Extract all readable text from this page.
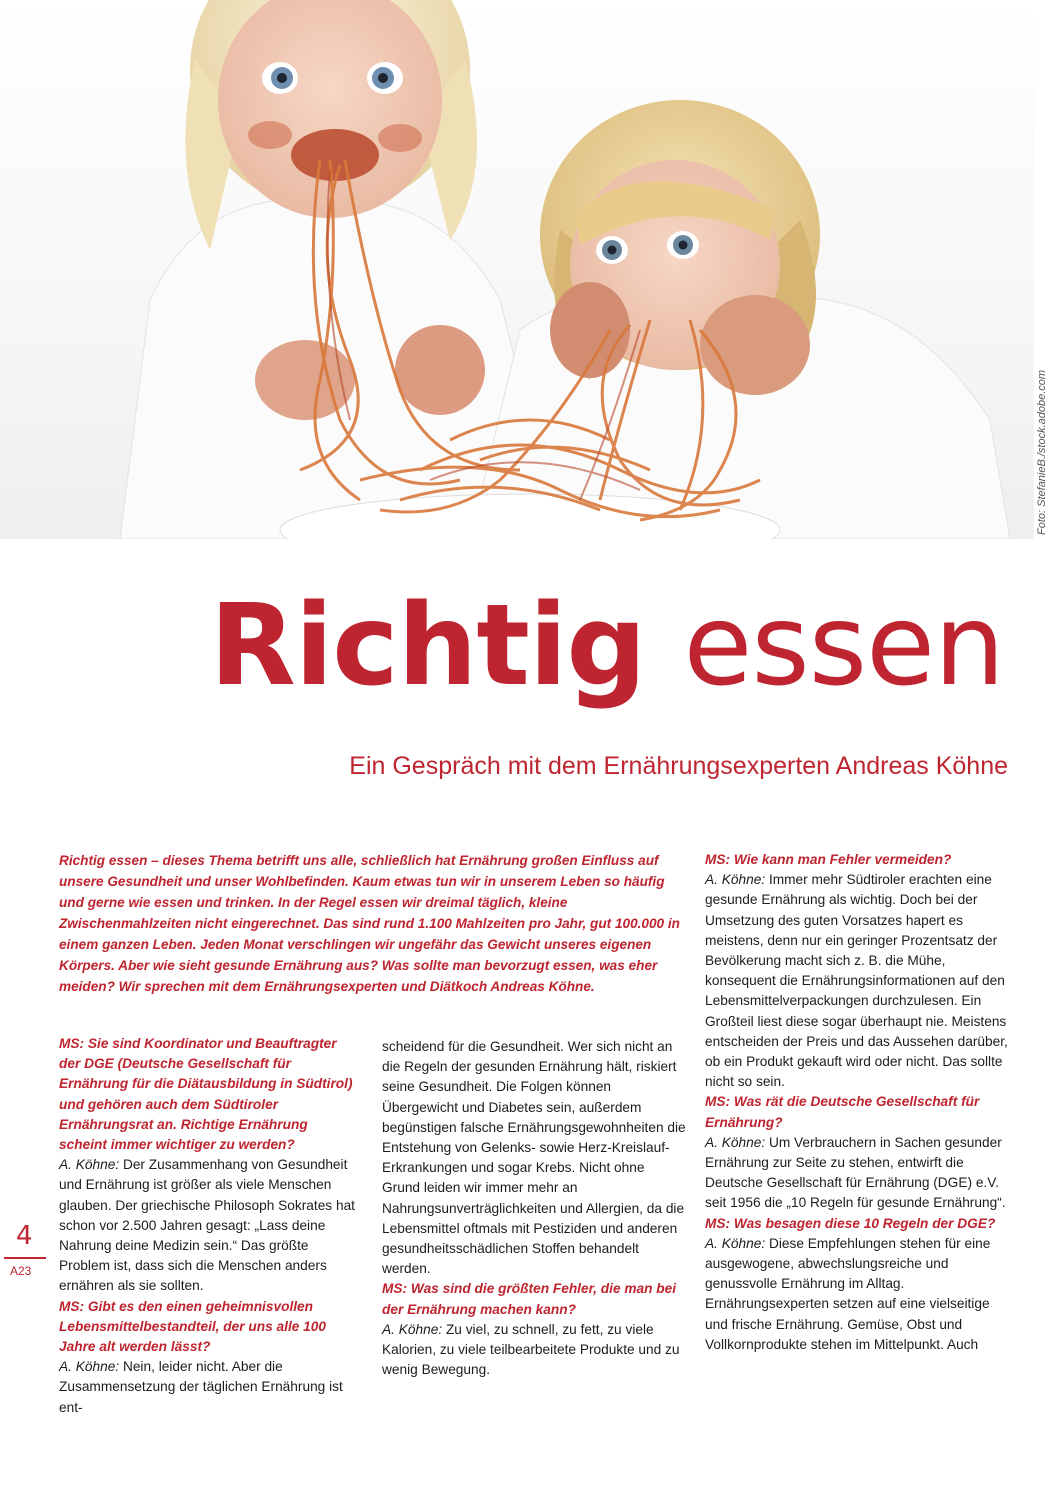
Foto: StefanieB./stock.adobe.com
Richtig essen
Ein Gespräch mit dem Ernährungsexperten Andreas Köhne

Richtig essen – dieses Thema betrifft uns alle, schließlich hat Ernährung großen Einfluss auf unsere Gesundheit und unser Wohlbefinden. Kaum etwas tun wir in unserem Leben so häufig und gerne wie essen und trinken. In der Regel essen wir dreimal täglich, kleine Zwischenmahlzeiten nicht eingerechnet. Das sind rund 1.100 Mahlzeiten pro Jahr, gut 100.000 in einem ganzen Leben. Jeden Monat verschlingen wir ungefähr das Gewicht unseres eigenen Körpers. Aber wie sieht gesunde Ernährung aus? Was sollte man bevorzugt essen, was eher meiden? Wir sprechen mit dem Ernährungsexperten und Diätkoch Andreas Köhne.

MS: Sie sind Koordinator und Beauftragter der DGE (Deutsche Gesellschaft für Ernährung für die Diätausbildung in Südtirol) und gehören auch dem Südtiroler Ernährungsrat an. Richtige Ernährung scheint immer wichtiger zu werden?
A. Köhne: Der Zusammenhang von Gesundheit und Ernährung ist größer als viele Menschen glauben. Der griechische Philosoph Sokrates hat schon vor 2.500 Jahren gesagt: „Lass deine Nahrung deine Medizin sein.“ Das größte Problem ist, dass sich die Menschen anders ernähren als sie sollten.
MS: Gibt es den einen geheimnisvollen Lebensmittelbestandteil, der uns alle 100 Jahre alt werden lässt?
A. Köhne: Nein, leider nicht. Aber die Zusammensetzung der täglichen Ernährung ist ent-
scheidend für die Gesundheit. Wer sich nicht an die Regeln der gesunden Ernährung hält, riskiert seine Gesundheit. Die Folgen können Übergewicht und Diabetes sein, außerdem begünstigen falsche Ernährungsgewohnheiten die Entstehung von Gelenks- sowie Herz-Kreislauf-Erkrankungen und sogar Krebs. Nicht ohne Grund leiden wir immer mehr an Nahrungsunverträglichkeiten und Allergien, da die Lebensmittel oftmals mit Pestiziden und anderen gesundheitsschädlichen Stoffen behandelt werden.
MS: Was sind die größten Fehler, die man bei der Ernährung machen kann?
A. Köhne: Zu viel, zu schnell, zu fett, zu viele Kalorien, zu viele teilbearbeitete Produkte und zu wenig Bewegung.
MS: Wie kann man Fehler vermeiden?
A. Köhne: Immer mehr Südtiroler erachten eine gesunde Ernährung als wichtig. Doch bei der Umsetzung des guten Vorsatzes hapert es meistens, denn nur ein geringer Prozentsatz der Bevölkerung macht sich z. B. die Mühe, konsequent die Ernährungsinformationen auf den Lebensmittelverpackungen durchzulesen. Ein Großteil liest diese sogar überhaupt nie. Meistens entscheiden der Preis und das Aussehen darüber, ob ein Produkt gekauft wird oder nicht. Das sollte nicht so sein.
MS: Was rät die Deutsche Gesellschaft für Ernährung?
A. Köhne: Um Verbrauchern in Sachen gesunder Ernährung zur Seite zu stehen, entwirft die Deutsche Gesellschaft für Ernährung (DGE) e.V. seit 1956 die „10 Regeln für gesunde Ernährung“.
MS: Was besagen diese 10 Regeln der DGE?
A. Köhne: Diese Empfehlungen stehen für eine ausgewogene, abwechslungsreiche und genussvolle Ernährung im Alltag. Ernährungsexperten setzen auf eine vielseitige und frische Ernährung. Gemüse, Obst und Vollkornprodukte stehen im Mittelpunkt. Auch
4
A23
